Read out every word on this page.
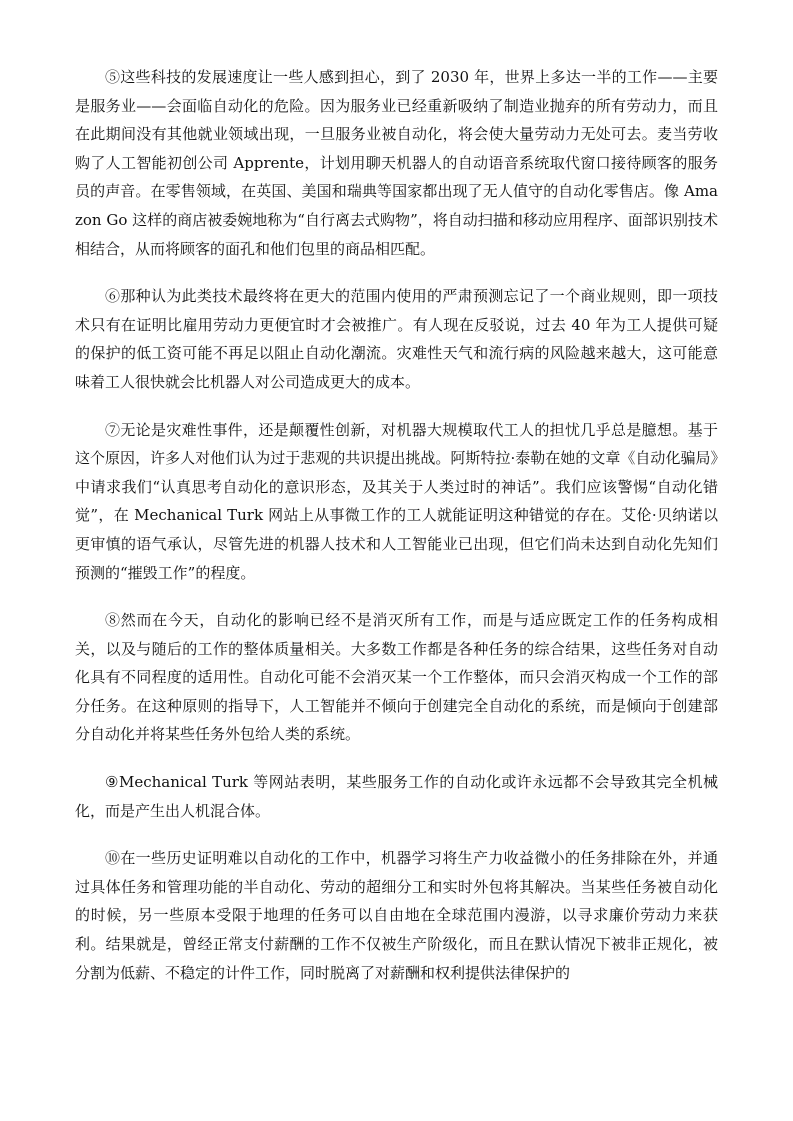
⑤这些科技的发展速度让一些人感到担心，到了 2030 年，世界上多达一半的工作——主要是服务业——会面临自动化的危险。因为服务业已经重新吸纳了制造业抛弃的所有劳动力，而且在此期间没有其他就业领域出现，一旦服务业被自动化，将会使大量劳动力无处可去。麦当劳收购了人工智能初创公司 Apprente，计划用聊天机器人的自动语音系统取代窗口接待顾客的服务员的声音。在零售领域，在英国、美国和瑞典等国家都出现了无人值守的自动化零售店。像 Amazon Go 这样的商店被委婉地称为“自行离去式购物”，将自动扫描和移动应用程序、面部识别技术相结合，从而将顾客的面孔和他们包里的商品相匹配。

⑥那种认为此类技术最终将在更大的范围内使用的严肃预测忘记了一个商业规则，即一项技术只有在证明比雇用劳动力更便宜时才会被推广。有人现在反驳说，过去 40 年为工人提供可疑的保护的低工资可能不再足以阻止自动化潮流。灾难性天气和流行病的风险越来越大，这可能意味着工人很快就会比机器人对公司造成更大的成本。

⑦无论是灾难性事件，还是颠覆性创新，对机器大规模取代工人的担忧几乎总是臆想。基于这个原因，许多人对他们认为过于悲观的共识提出挑战。阿斯特拉·泰勒在她的文章《自动化骗局》中请求我们“认真思考自动化的意识形态，及其关于人类过时的神话”。我们应该警惕“自动化错觉”，在 Mechanical Turk 网站上从事微工作的工人就能证明这种错觉的存在。艾伦·贝纳诺以更审慎的语气承认，尽管先进的机器人技术和人工智能业已出现，但它们尚未达到自动化先知们预测的“摧毁工作”的程度。

⑧然而在今天，自动化的影响已经不是消灭所有工作，而是与适应既定工作的任务构成相关，以及与随后的工作的整体质量相关。大多数工作都是各种任务的综合结果，这些任务对自动化具有不同程度的适用性。自动化可能不会消灭某一个工作整体，而只会消灭构成一个工作的部分任务。在这种原则的指导下，人工智能并不倾向于创建完全自动化的系统，而是倾向于创建部分自动化并将某些任务外包给人类的系统。

⑨Mechanical Turk 等网站表明，某些服务工作的自动化或许永远都不会导致其完全机械化，而是产生出人机混合体。

⑩在一些历史证明难以自动化的工作中，机器学习将生产力收益微小的任务排除在外，并通过具体任务和管理功能的半自动化、劳动的超细分工和实时外包将其解决。当某些任务被自动化的时候，另一些原本受限于地理的任务可以自由地在全球范围内漫游，以寻求廉价劳动力来获利。结果就是，曾经正常支付薪酬的工作不仅被生产阶级化，而且在默认情况下被非正规化，被分割为低薪、不稳定的计件工作，同时脱离了对薪酬和权利提供法律保护的
